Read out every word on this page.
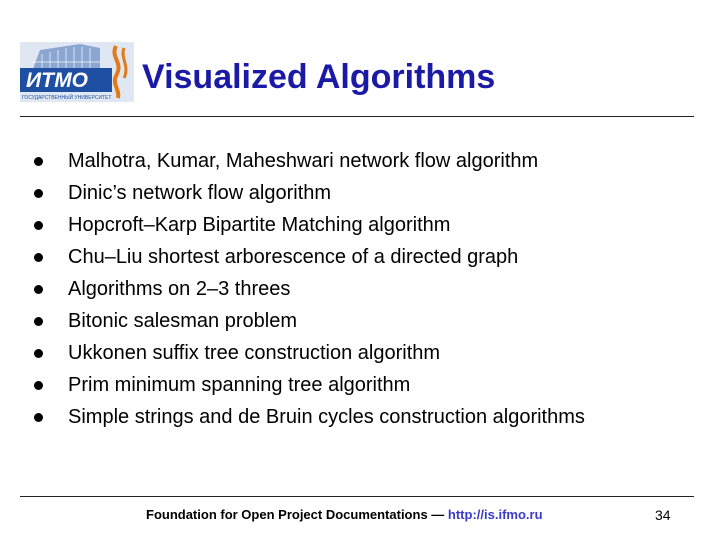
ИТМО
ГОСУДАРСТВЕННЫЙ УНИВЕРСИТЕТ
Visualized Algorithms
Malhotra, Kumar, Maheshwari network flow algorithm
Dinic’s network flow algorithm
Hopcroft–Karp Bipartite Matching algorithm
Chu–Liu shortest arborescence of a directed graph
Algorithms on 2–3 threes
Bitonic salesman problem
Ukkonen suffix tree construction algorithm
Prim minimum spanning tree algorithm
Simple strings and de Bruin cycles construction algorithms
Foundation for Open Project Documentations — http://is.ifmo.ru	34
